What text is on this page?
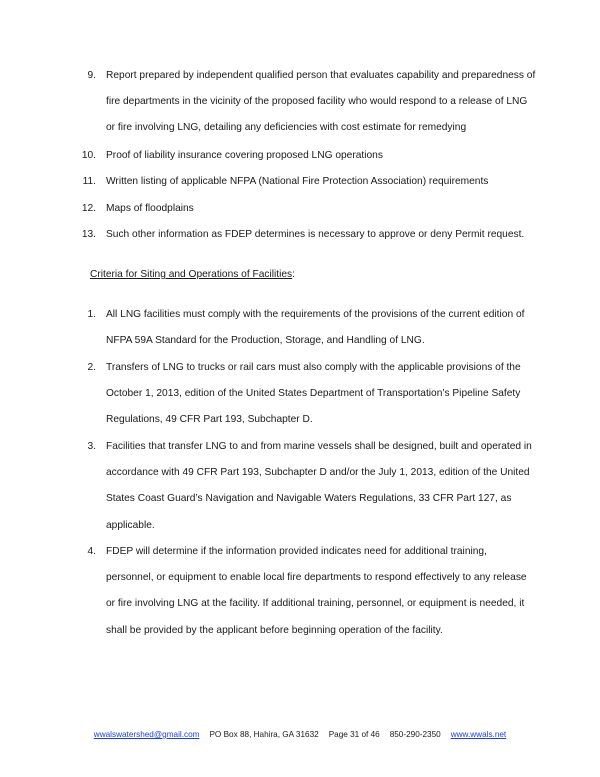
9. Report prepared by independent qualified person that evaluates capability and preparedness of
fire departments in the vicinity of the proposed facility who would respond to a release of LNG
or fire involving LNG, detailing any deficiencies with cost estimate for remedying
10. Proof of liability insurance covering proposed LNG operations
11. Written listing of applicable NFPA (National Fire Protection Association) requirements
12. Maps of floodplains
13. Such other information as FDEP determines is necessary to approve or deny Permit request.
Criteria for Siting and Operations of Facilities:
1. All LNG facilities must comply with the requirements of the provisions of the current edition of
NFPA 59A Standard for the Production, Storage, and Handling of LNG.
2. Transfers of LNG to trucks or rail cars must also comply with the applicable provisions of the
October 1, 2013, edition of the United States Department of Transportation’s Pipeline Safety
Regulations, 49 CFR Part 193, Subchapter D.
3. Facilities that transfer LNG to and from marine vessels shall be designed, built and operated in
accordance with 49 CFR Part 193, Subchapter D and/or the July 1, 2013, edition of the United
States Coast Guard’s Navigation and Navigable Waters Regulations, 33 CFR Part 127, as
applicable.
4. FDEP will determine if the information provided indicates need for additional training,
personnel, or equipment to enable local fire departments to respond effectively to any release
or fire involving LNG at the facility. If additional training, personnel, or equipment is needed, it
shall be provided by the applicant before beginning operation of the facility.
wwalswatershed@gmail.com PO Box 88, Hahira, GA 31632 Page 31 of 46 850-290-2350 www.wwals.net
